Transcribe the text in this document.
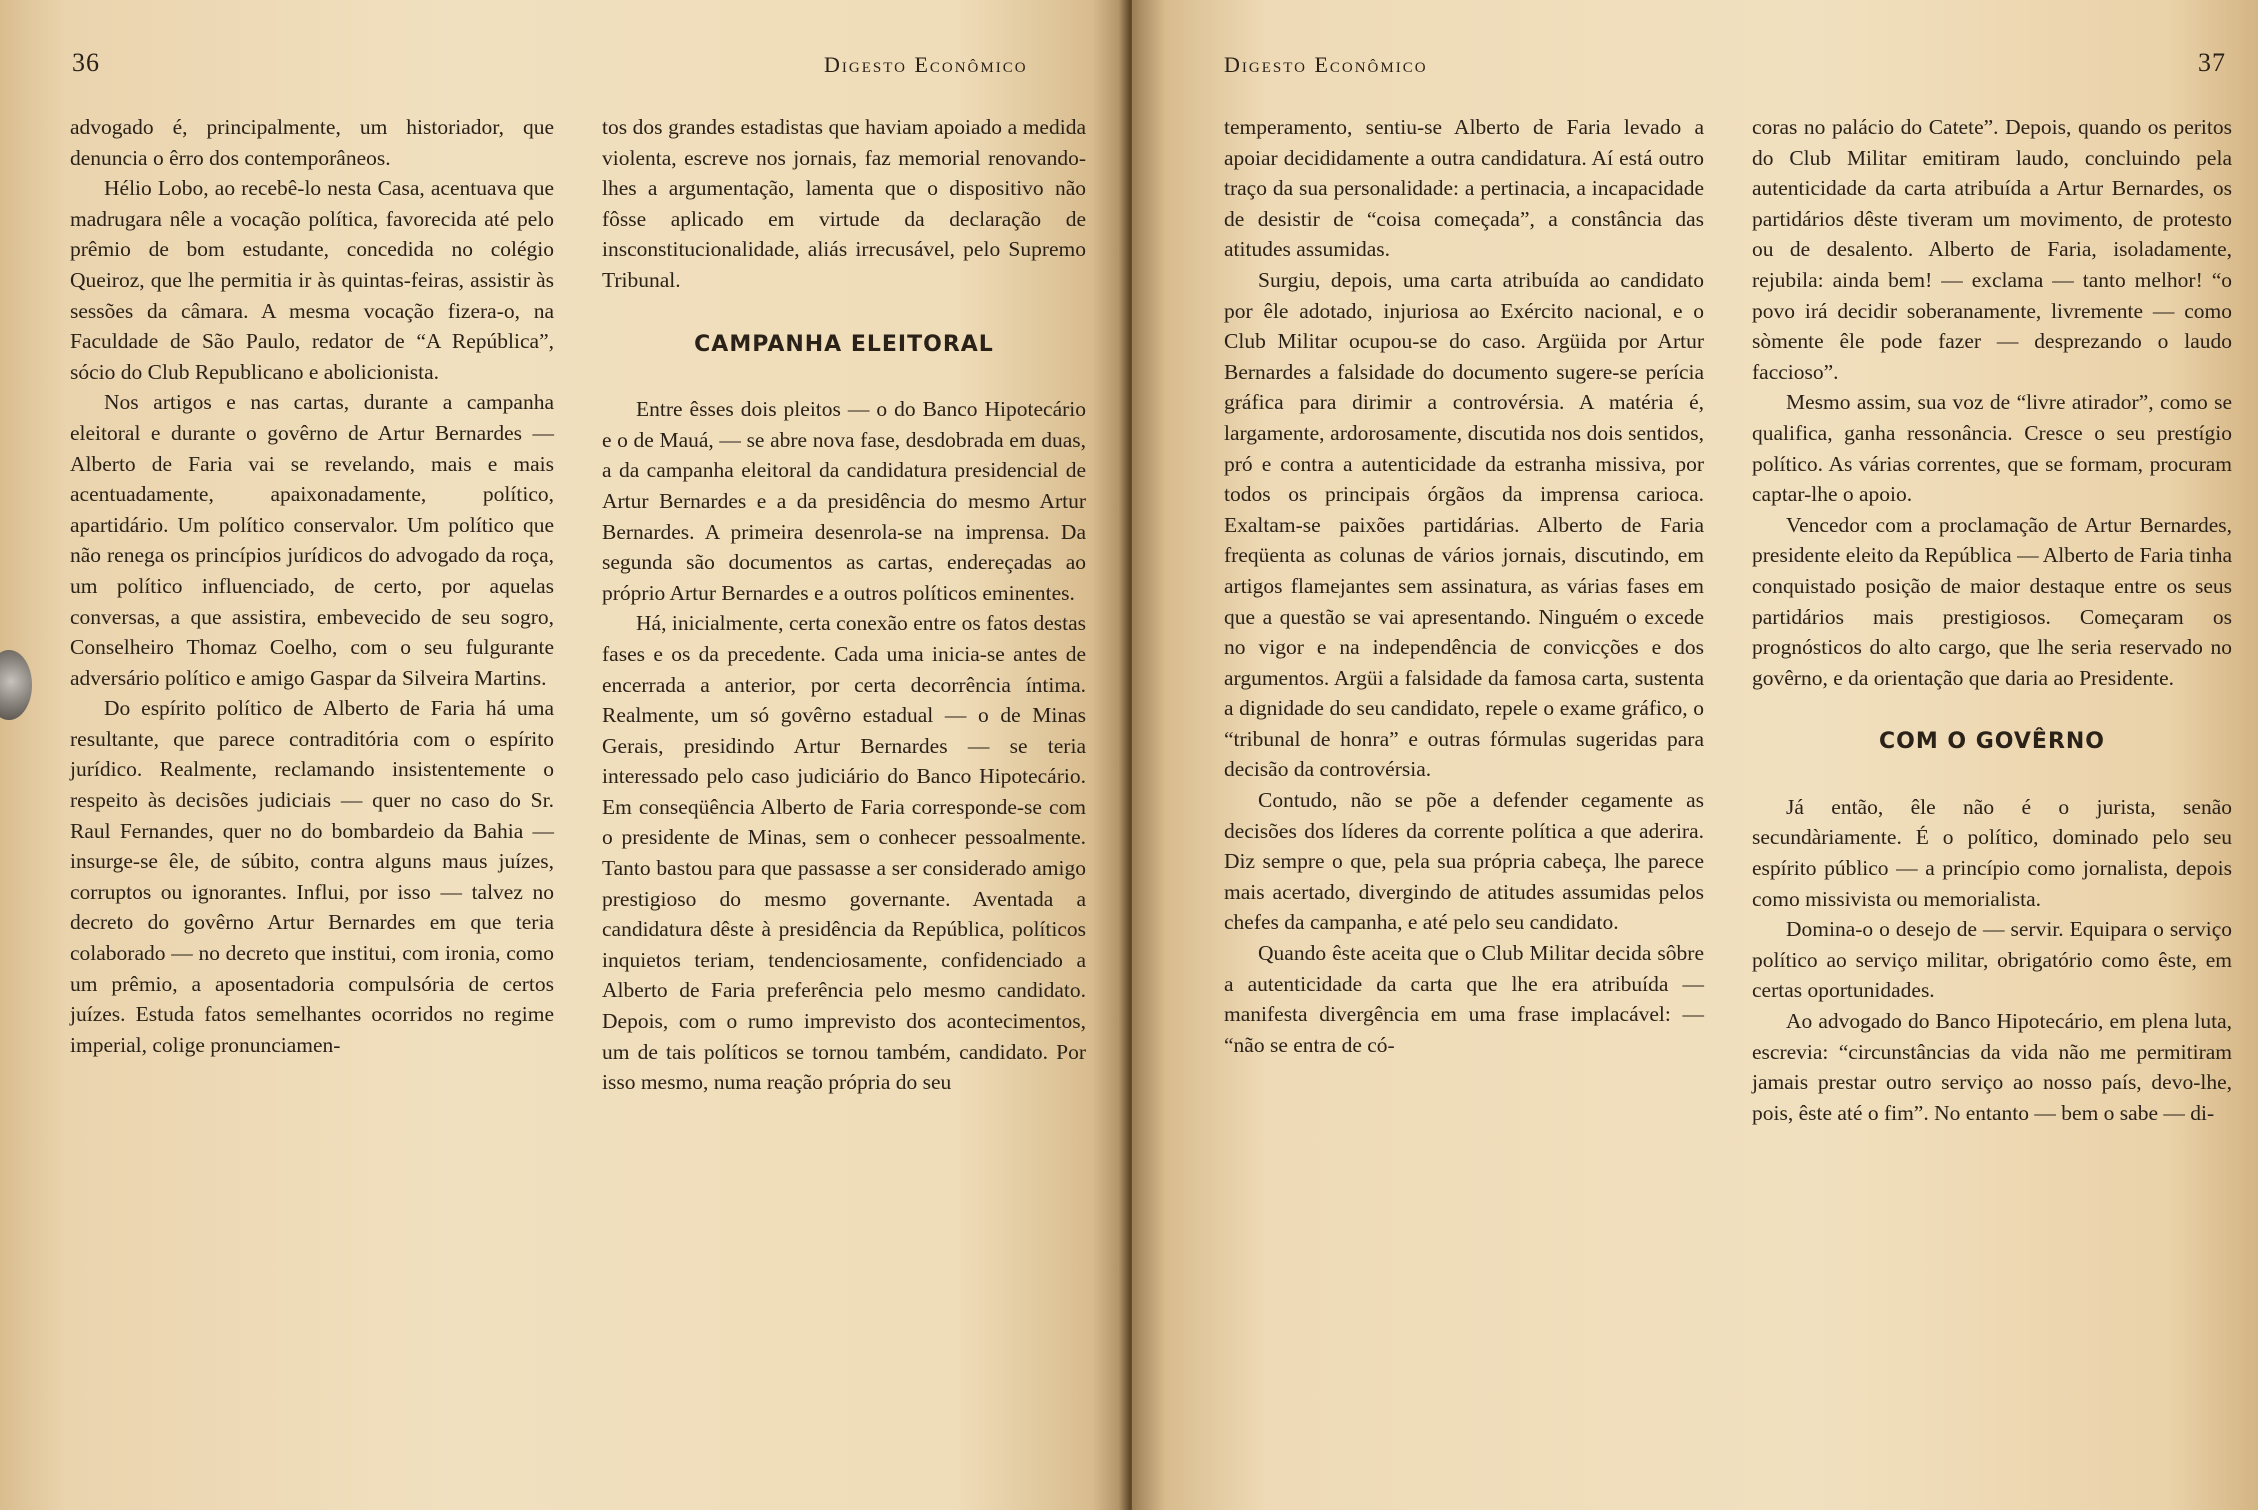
36	Digesto Econômico

advogado é, principalmente, um historiador, que denuncia o êrro dos contemporâneos.

Hélio Lobo, ao recebê-lo nesta Casa, acentuava que madrugara nêle a vocação política, favorecida até pelo prêmio de bom estudante, concedida no colégio Queiroz, que lhe permitia ir às quintas-feiras, assistir às sessões da câmara. A mesma vocação fizera-o, na Faculdade de São Paulo, redator de “A República”, sócio do Club Republicano e abolicionista.

Nos artigos e nas cartas, durante a campanha eleitoral e durante o govêrno de Artur Bernardes — Alberto de Faria vai se revelando, mais e mais acentuadamente, apaixonadamente, político, apartidário. Um político conservalor. Um político que não renega os princípios jurídicos do advogado da roça, um político influenciado, de certo, por aquelas conversas, a que assistira, embevecido de seu sogro, Conselheiro Thomaz Coelho, com o seu fulgurante adversário político e amigo Gaspar da Silveira Martins.

Do espírito político de Alberto de Faria há uma resultante, que parece contraditória com o espírito jurídico. Realmente, reclamando insistentemente o respeito às decisões judiciais — quer no caso do Sr. Raul Fernandes, quer no do bombardeio da Bahia — insurge-se êle, de súbito, contra alguns maus juízes, corruptos ou ignorantes. Influi, por isso — talvez no decreto do govêrno Artur Bernardes em que teria colaborado — no decreto que institui, com ironia, como um prêmio, a aposentadoria compulsória de certos juízes. Estuda fatos semelhantes ocorridos no regime imperial, colige pronunciamen-

tos dos grandes estadistas que haviam apoiado a medida violenta, escreve nos jornais, faz memorial renovando-lhes a argumentação, lamenta que o dispositivo não fôsse aplicado em virtude da declaração de insconstitucionalidade, aliás irrecusável, pelo Supremo Tribunal.

CAMPANHA ELEITORAL

Entre êsses dois pleitos — o do Banco Hipotecário e o de Mauá, — se abre nova fase, desdobrada em duas, a da campanha eleitoral da candidatura presidencial de Artur Bernardes e a da presidência do mesmo Artur Bernardes. A primeira desenrola-se na imprensa. Da segunda são documentos as cartas, endereçadas ao próprio Artur Bernardes e a outros políticos eminentes.

Há, inicialmente, certa conexão entre os fatos destas fases e os da precedente. Cada uma inicia-se antes de encerrada a anterior, por certa decorrência íntima. Realmente, um só govêrno estadual — o de Minas Gerais, presidindo Artur Bernardes — se teria interessado pelo caso judiciário do Banco Hipotecário. Em conseqüência Alberto de Faria corresponde-se com o presidente de Minas, sem o conhecer pessoalmente. Tanto bastou para que passasse a ser considerado amigo prestigioso do mesmo governante. Aventada a candidatura dêste à presidência da República, políticos inquietos teriam, tendenciosamente, confidenciado a Alberto de Faria preferência pelo mesmo candidato. Depois, com o rumo imprevisto dos acontecimentos, um de tais políticos se tornou também, candidato. Por isso mesmo, numa reação própria do seu

Digesto Econômico	37

temperamento, sentiu-se Alberto de Faria levado a apoiar decididamente a outra candidatura. Aí está outro traço da sua personalidade: a pertinacia, a incapacidade de desistir de “coisa começada”, a constância das atitudes assumidas.

Surgiu, depois, uma carta atribuída ao candidato por êle adotado, injuriosa ao Exército nacional, e o Club Militar ocupou-se do caso. Argüida por Artur Bernardes a falsidade do documento sugere-se perícia gráfica para dirimir a controvérsia. A matéria é, largamente, ardorosamente, discutida nos dois sentidos, pró e contra a autenticidade da estranha missiva, por todos os principais órgãos da imprensa carioca. Exaltam-se paixões partidárias. Alberto de Faria freqüenta as colunas de vários jornais, discutindo, em artigos flamejantes sem assinatura, as várias fases em que a questão se vai apresentando. Ninguém o excede no vigor e na independência de convicções e dos argumentos. Argüi a falsidade da famosa carta, sustenta a dignidade do seu candidato, repele o exame gráfico, o “tribunal de honra” e outras fórmulas sugeridas para decisão da controvérsia.

Contudo, não se põe a defender cegamente as decisões dos líderes da corrente política a que aderira. Diz sempre o que, pela sua própria cabeça, lhe parece mais acertado, divergindo de atitudes assumidas pelos chefes da campanha, e até pelo seu candidato.

Quando êste aceita que o Club Militar decida sôbre a autenticidade da carta que lhe era atribuída — manifesta divergência em uma frase implacável: — “não se entra de có-

coras no palácio do Catete”. Depois, quando os peritos do Club Militar emitiram laudo, concluindo pela autenticidade da carta atribuída a Artur Bernardes, os partidários dêste tiveram um movimento, de protesto ou de desalento. Alberto de Faria, isoladamente, rejubila: ainda bem! — exclama — tanto melhor! “o povo irá decidir soberanamente, livremente — como sòmente êle pode fazer — desprezando o laudo faccioso”.

Mesmo assim, sua voz de “livre atirador”, como se qualifica, ganha ressonância. Cresce o seu prestígio político. As várias correntes, que se formam, procuram captar-lhe o apoio.

Vencedor com a proclamação de Artur Bernardes, presidente eleito da República — Alberto de Faria tinha conquistado posição de maior destaque entre os seus partidários mais prestigiosos. Começaram os prognósticos do alto cargo, que lhe seria reservado no govêrno, e da orientação que daria ao Presidente.

COM O GOVÊRNO

Já então, êle não é o jurista, senão secundàriamente. É o político, dominado pelo seu espírito público — a princípio como jornalista, depois como missivista ou memorialista.

Domina-o o desejo de — servir. Equipara o serviço político ao serviço militar, obrigatório como êste, em certas oportunidades.

Ao advogado do Banco Hipotecário, em plena luta, escrevia: “circunstâncias da vida não me permitiram jamais prestar outro serviço ao nosso país, devo-lhe, pois, êste até o fim”. No entanto — bem o sabe — di-
